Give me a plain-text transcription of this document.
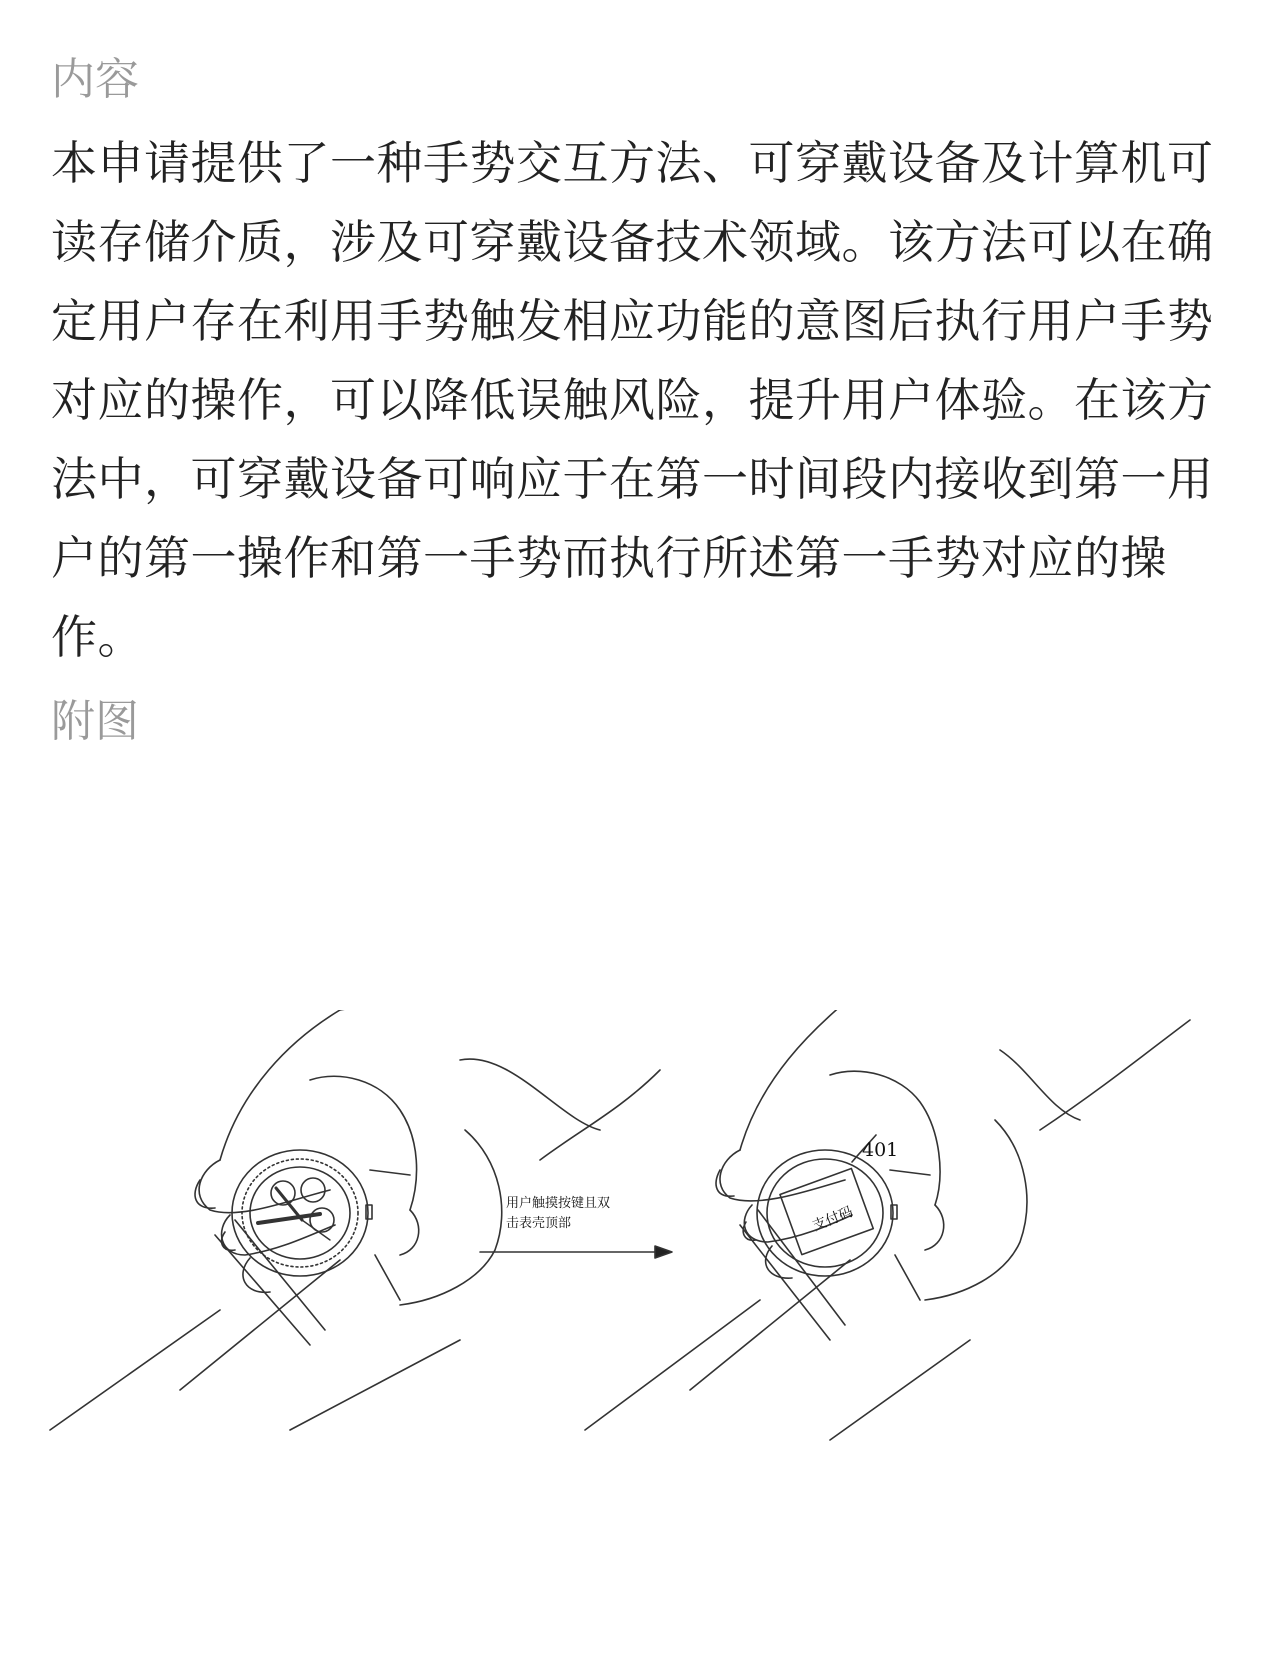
内容

本申请提供了一种手势交互方法、可穿戴设备及计算机可读存储介质，涉及可穿戴设备技术领域。该方法可以在确定用户存在利用手势触发相应功能的意图后执行用户手势对应的操作，可以降低误触风险，提升用户体验。在该方法中，可穿戴设备可响应于在第一时间段内接收到第一用户的第一操作和第一手势而执行所述第一手势对应的操作。

附图
用户触摸按键且双
击表壳顶部
401
支付码
